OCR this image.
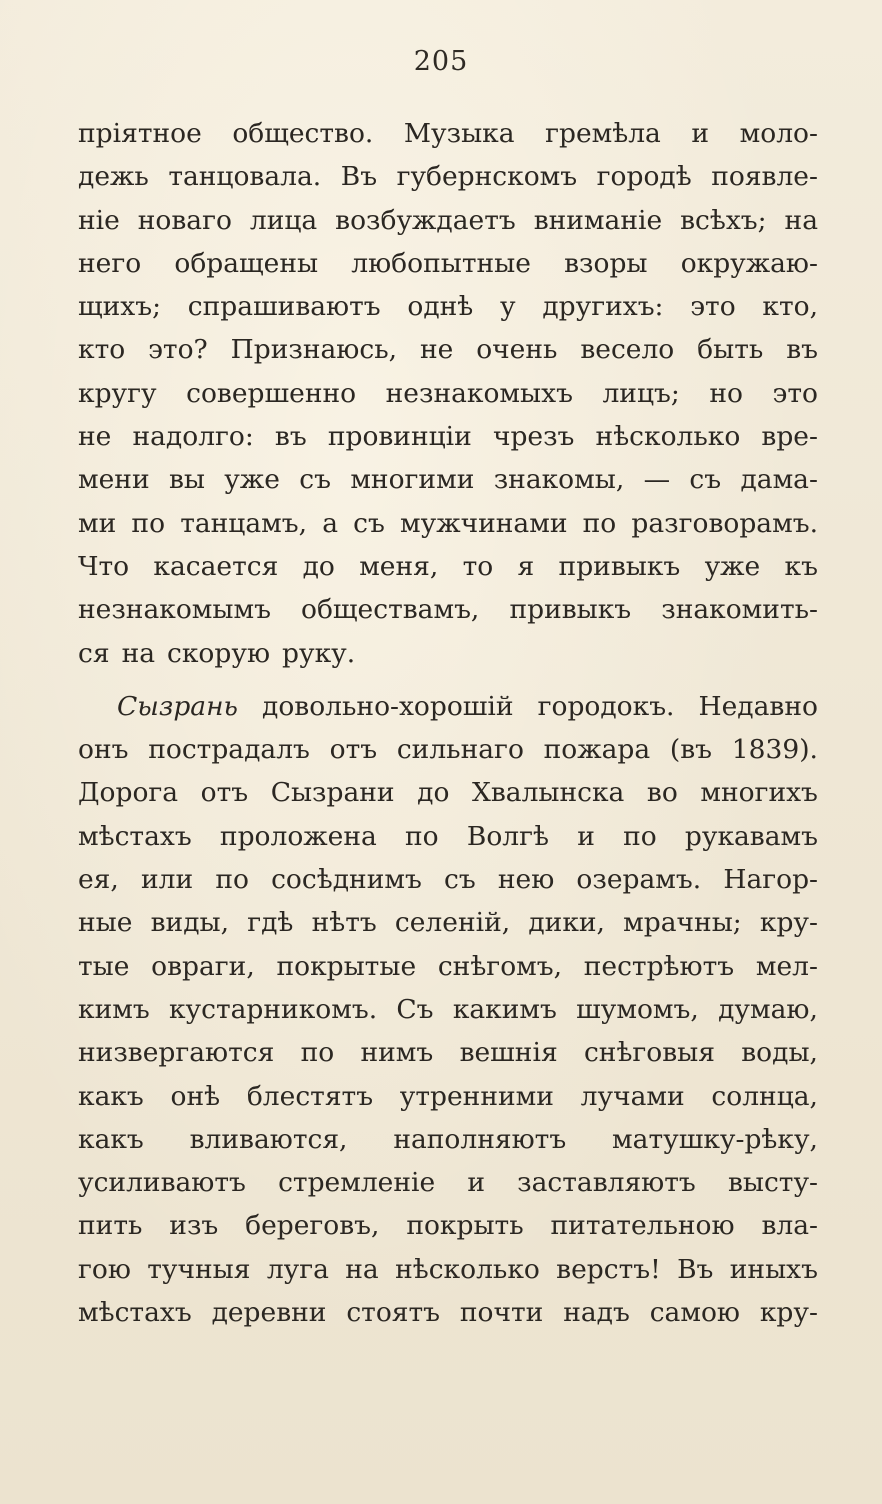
205
пріятное общество. Музыка гремѣла и моло-
дежь танцовала. Въ губернскомъ городѣ появле-
ніе новаго лица возбуждаетъ вниманіе всѣхъ; на
него обращены любопытные взоры окружаю-
щихъ; спрашиваютъ однѣ у другихъ: это кто,
кто это? Признаюсь, не очень весело быть въ
кругу совершенно незнакомыхъ лицъ; но это
не надолго: въ провинціи чрезъ нѣсколько вре-
мени вы уже съ многими знакомы, — съ дама-
ми по танцамъ, а съ мужчинами по разговорамъ.
Что касается до меня, то я привыкъ уже къ
незнакомымъ обществамъ, привыкъ знакомить-
ся на скорую руку.
Сызрань довольно-хорошій городокъ. Недавно
онъ пострадалъ отъ сильнаго пожара (въ 1839).
Дорога отъ Сызрани до Хвалынска во многихъ
мѣстахъ проложена по Волгѣ и по рукавамъ
ея, или по сосѣднимъ съ нею озерамъ. Нагор-
ные виды, гдѣ нѣтъ селеній, дики, мрачны; кру-
тые овраги, покрытые снѣгомъ, пестрѣютъ мел-
кимъ кустарникомъ. Съ какимъ шумомъ, думаю,
низвергаются по нимъ вешнія снѣговыя воды,
какъ онѣ блестятъ утренними лучами солнца,
какъ вливаются, наполняютъ матушку-рѣку,
усиливаютъ стремленіе и заставляютъ высту-
пить изъ береговъ, покрыть питательною вла-
гою тучныя луга на нѣсколько верстъ! Въ иныхъ
мѣстахъ деревни стоятъ почти надъ самою кру-
